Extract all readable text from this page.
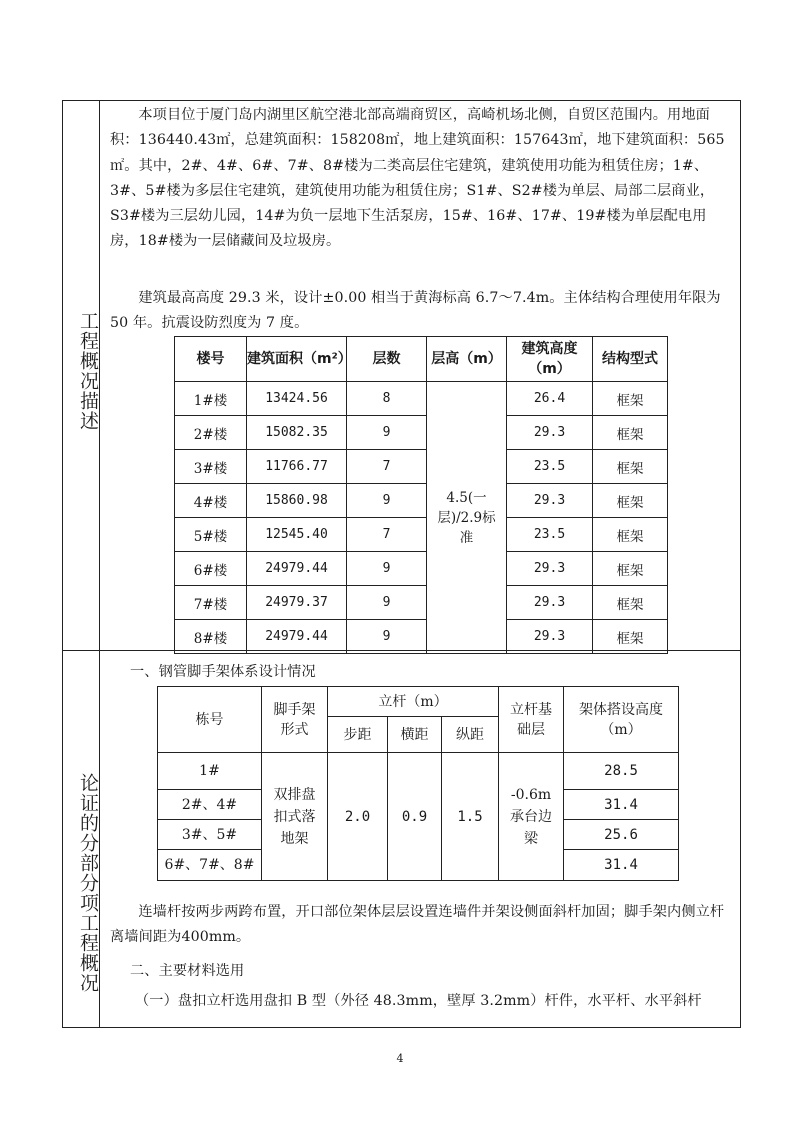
工程概况描述
论证的分部分项工程概况

本项目位于厦门岛内湖里区航空港北部高端商贸区，高崎机场北侧，自贸区范围内。用地面积：136440.43㎡，总建筑面积：158208㎡，地上建筑面积：157643㎡，地下建筑面积：565㎡。其中，2#、4#、6#、7#、8#楼为二类高层住宅建筑，建筑使用功能为租赁住房；1#、3#、5#楼为多层住宅建筑，建筑使用功能为租赁住房；S1#、S2#楼为单层、局部二层商业，S3#楼为三层幼儿园，14#为负一层地下生活泵房，15#、16#、17#、19#楼为单层配电用房，18#楼为一层储藏间及垃圾房。

建筑最高高度 29.3 米，设计±0.00 相当于黄海标高 6.7～7.4m。主体结构合理使用年限为 50 年。抗震设防烈度为 7 度。

楼号	建筑面积（m²）	层数	层高（m）	建筑高度（m）	结构型式
1#楼	13424.56	8	4.5(一层)/2.9标准	26.4	框架
2#楼	15082.35	9		29.3	框架
3#楼	11766.77	7		23.5	框架
4#楼	15860.98	9		29.3	框架
5#楼	12545.40	7		23.5	框架
6#楼	24979.44	9		29.3	框架
7#楼	24979.37	9		29.3	框架
8#楼	24979.44	9		29.3	框架

一、钢管脚手架体系设计情况

栋号	脚手架形式	立杆（m）			立杆基础层	架体搭设高度（m）
		步距	横距	纵距		
1#	双排盘扣式落地架	2.0	0.9	1.5	-0.6m承台边梁	28.5
2#、4#						31.4
3#、5#						25.6
6#、7#、8#						31.4

连墙杆按两步两跨布置，开口部位架体层层设置连墙件并架设侧面斜杆加固；脚手架内侧立杆离墙间距为400mm。

二、主要材料选用

（一）盘扣立杆选用盘扣 B 型（外径 48.3mm，壁厚 3.2mm）杆件，水平杆、水平斜杆

4
